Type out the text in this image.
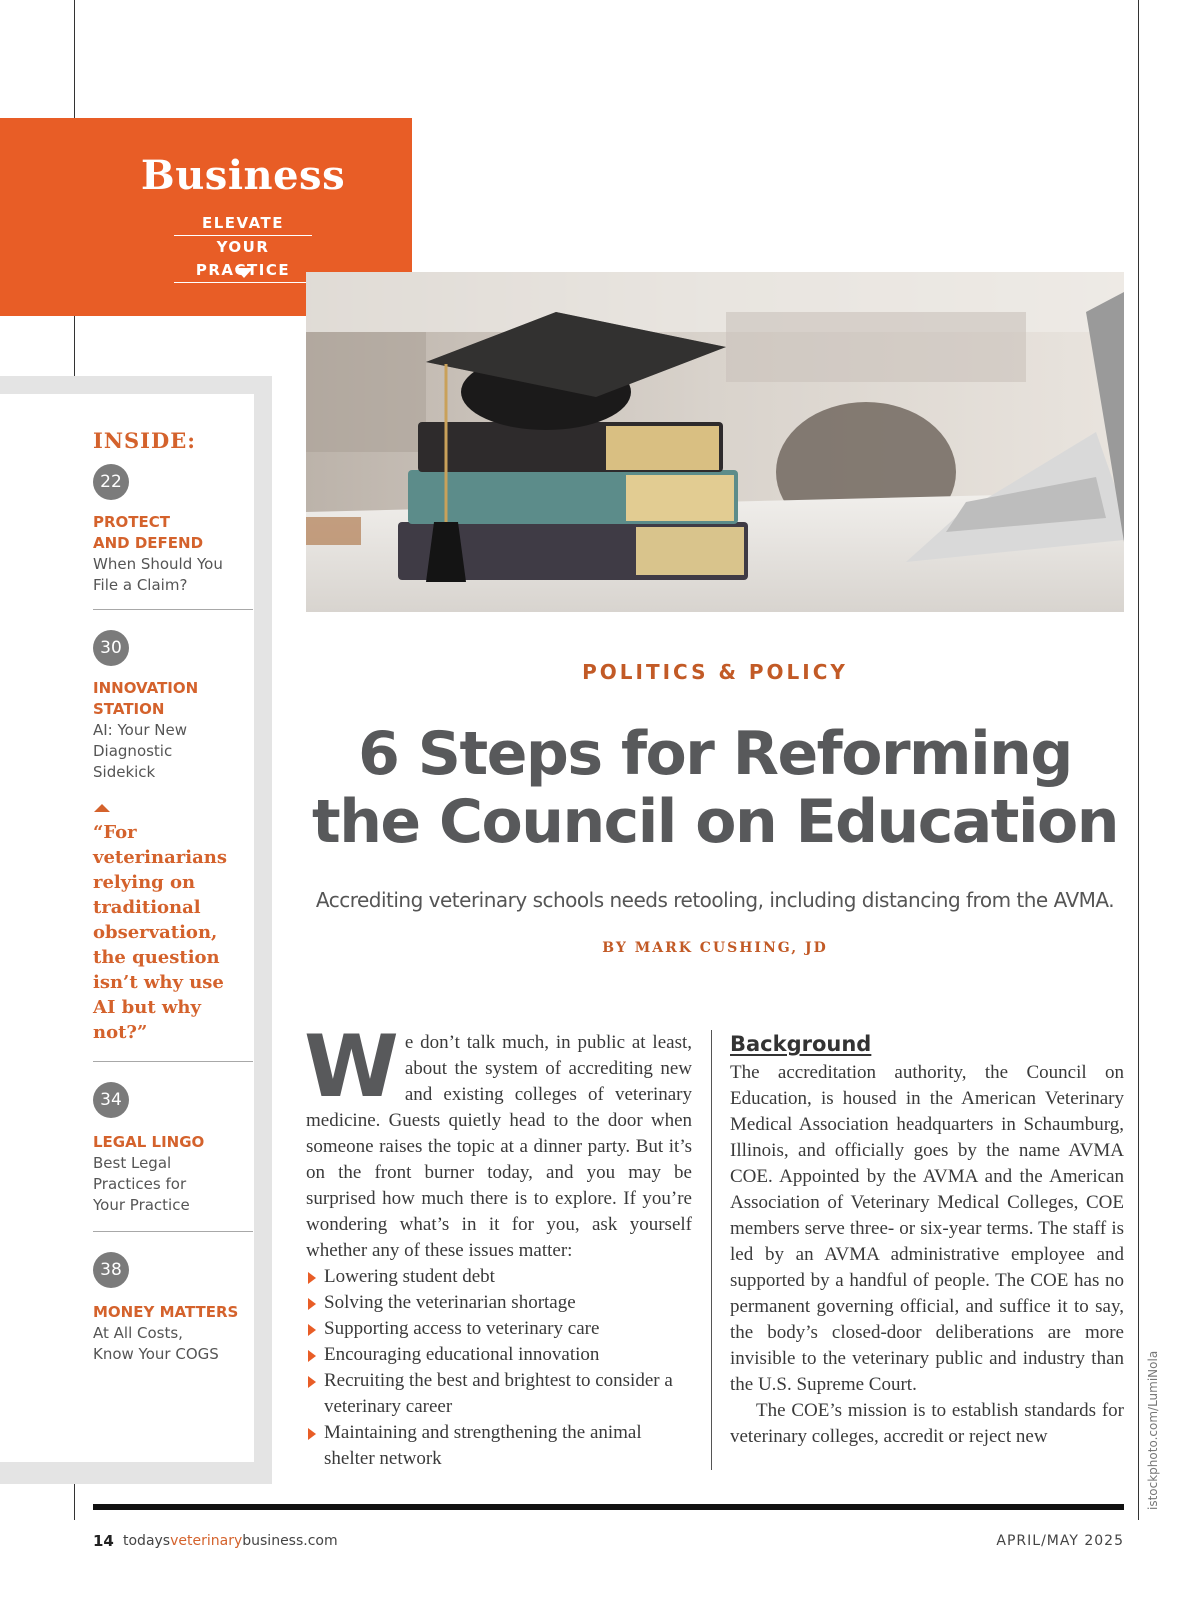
Business
ELEVATE
YOUR PRACTICE
INSIDE:
22
PROTECT
AND DEFEND
When Should You
File a Claim?
30
INNOVATION
STATION
AI: Your New
Diagnostic
Sidekick
“For veterinarians relying on traditional observation, the question isn’t why use AI but why not?”
34
LEGAL LINGO
Best Legal
Practices for
Your Practice
38
MONEY MATTERS
At All Costs,
Know Your COGS
POLITICS & POLICY
6 Steps for Reforming
the Council on Education
Accrediting veterinary schools needs retooling, including distancing from the AVMA.
BY MARK CUSHING, JD
W e don’t talk much, in public at least, about the system of accrediting new and existing colleges of veterinary medicine. Guests quietly head to the door when someone raises the topic at a dinner party. But it’s on the front burner today, and you may be surprised how much there is to explore. If you’re wondering what’s in it for you, ask yourself whether any of these issues matter:

Lowering student debt
Solving the veterinarian shortage
Supporting access to veterinary care
Encouraging educational innovation
Recruiting the best and brightest to consider a veterinary career
Maintaining and strengthening the animal shelter network
Background

The accreditation authority, the Council on Education, is housed in the American Veterinary Medical Association headquarters in Schaumburg, Illinois, and officially goes by the name AVMA COE. Appointed by the AVMA and the American Association of Veterinary Medical Colleges, COE members serve three- or six-year terms. The staff is led by an AVMA administrative employee and supported by a handful of people. The COE has no permanent governing official, and suffice it to say, the body’s closed-door deliberations are more invisible to the veterinary public and industry than the U.S. Supreme Court.

The COE’s mission is to establish standards for veterinary colleges, accredit or reject new	istockphoto.com/LumiNola
14 todaysveterinarybusiness.com	APRIL/MAY 2025
